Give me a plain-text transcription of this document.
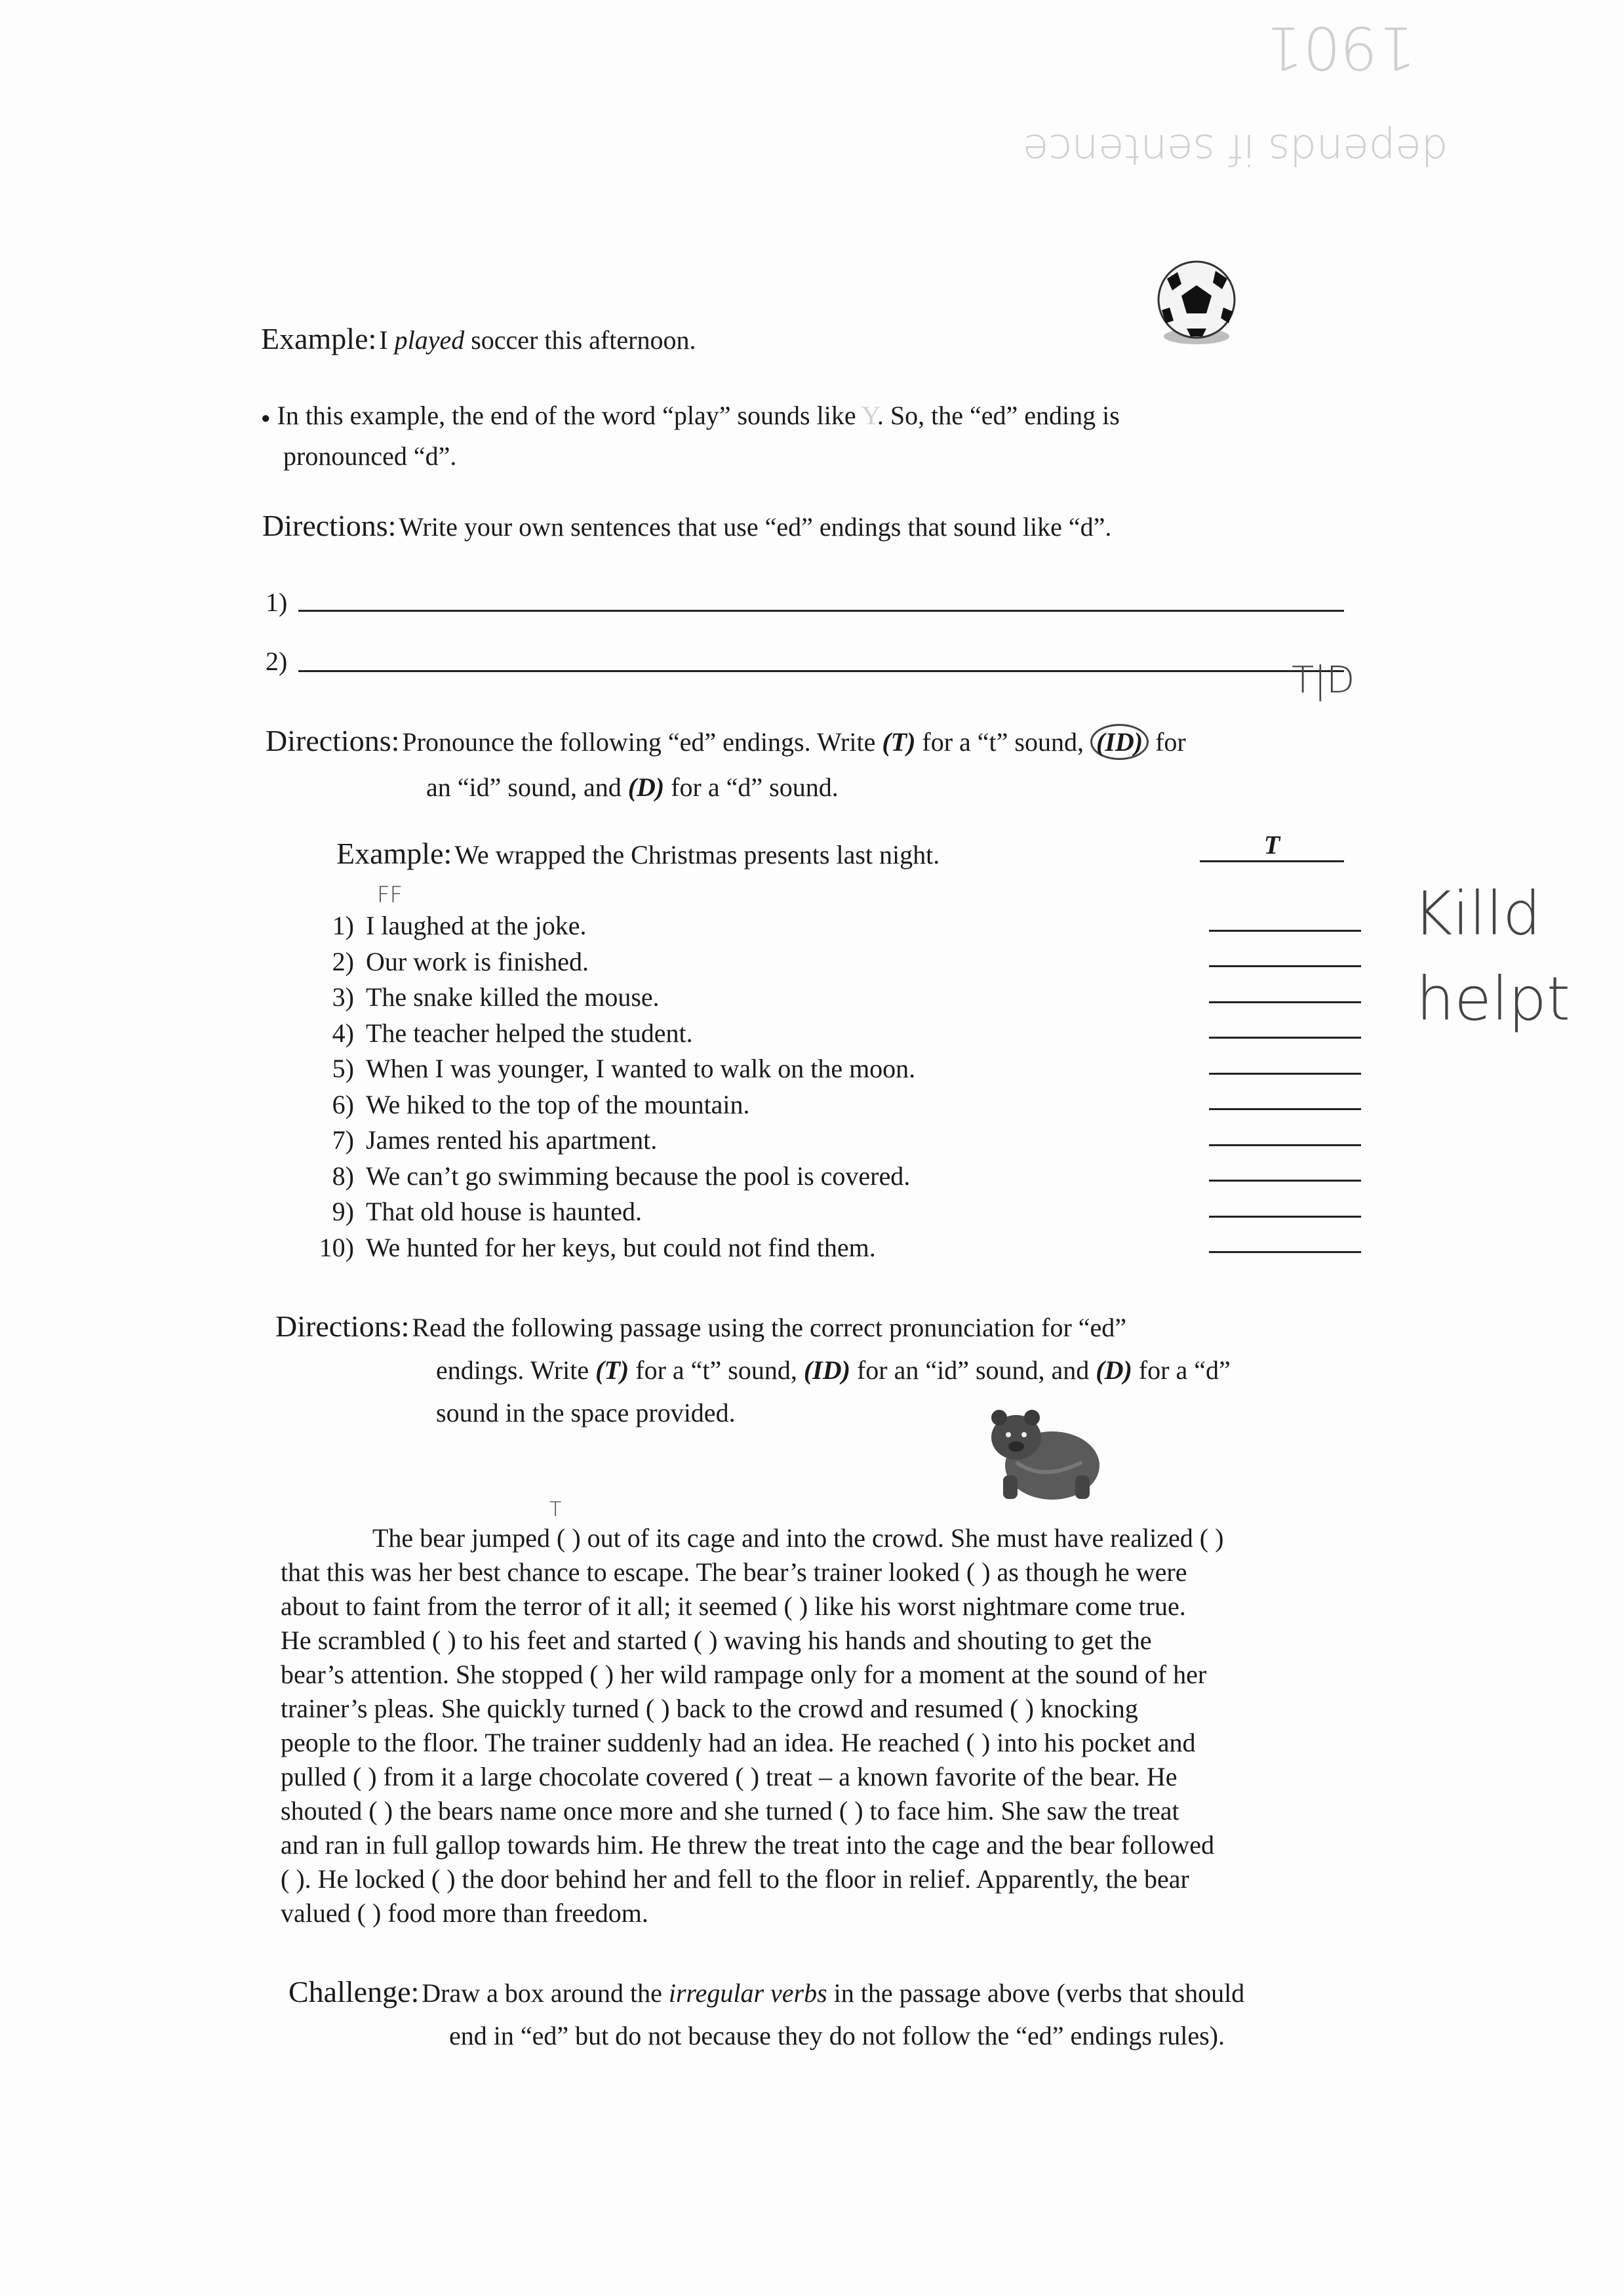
1901
depends if sentence
Example: I played soccer this afternoon.
● In this example, the end of the word “play” sounds like Y. So, the “ed” ending is
pronounced “d”.
Directions: Write your own sentences that use “ed” endings that sound like “d”.
1)
2)	T|D
Directions: Pronounce the following “ed” endings. Write (T) for a “t” sound, (ID) for
an “id” sound, and (D) for a “d” sound.
Example: We wrapped the Christmas presents last night.	T
FF
1) I laughed at the joke.
2) Our work is finished.
3) The snake killed the mouse.
4) The teacher helped the student.
5) When I was younger, I wanted to walk on the moon.
6) We hiked to the top of the mountain.
7) James rented his apartment.
8) We can’t go swimming because the pool is covered.
9) That old house is haunted.
10) We hunted for her keys, but could not find them.
Killd
helpt
Directions: Read the following passage using the correct pronunciation for “ed”
endings. Write (T) for a “t” sound, (ID) for an “id” sound, and (D) for a “d”
sound in the space provided.
T

The bear jumped ( ) out of its cage and into the crowd. She must have realized ( )

that this was her best chance to escape. The bear’s trainer looked ( ) as though he were

about to faint from the terror of it all; it seemed ( ) like his worst nightmare come true.

He scrambled ( ) to his feet and started ( ) waving his hands and shouting to get the

bear’s attention. She stopped ( ) her wild rampage only for a moment at the sound of her

trainer’s pleas. She quickly turned ( ) back to the crowd and resumed ( ) knocking

people to the floor. The trainer suddenly had an idea. He reached ( ) into his pocket and

pulled ( ) from it a large chocolate covered ( ) treat – a known favorite of the bear. He

shouted ( ) the bears name once more and she turned ( ) to face him. She saw the treat

and ran in full gallop towards him. He threw the treat into the cage and the bear followed

( ). He locked ( ) the door behind her and fell to the floor in relief. Apparently, the bear

valued ( ) food more than freedom.

Challenge: Draw a box around the irregular verbs in the passage above (verbs that should
end in “ed” but do not because they do not follow the “ed” endings rules).
